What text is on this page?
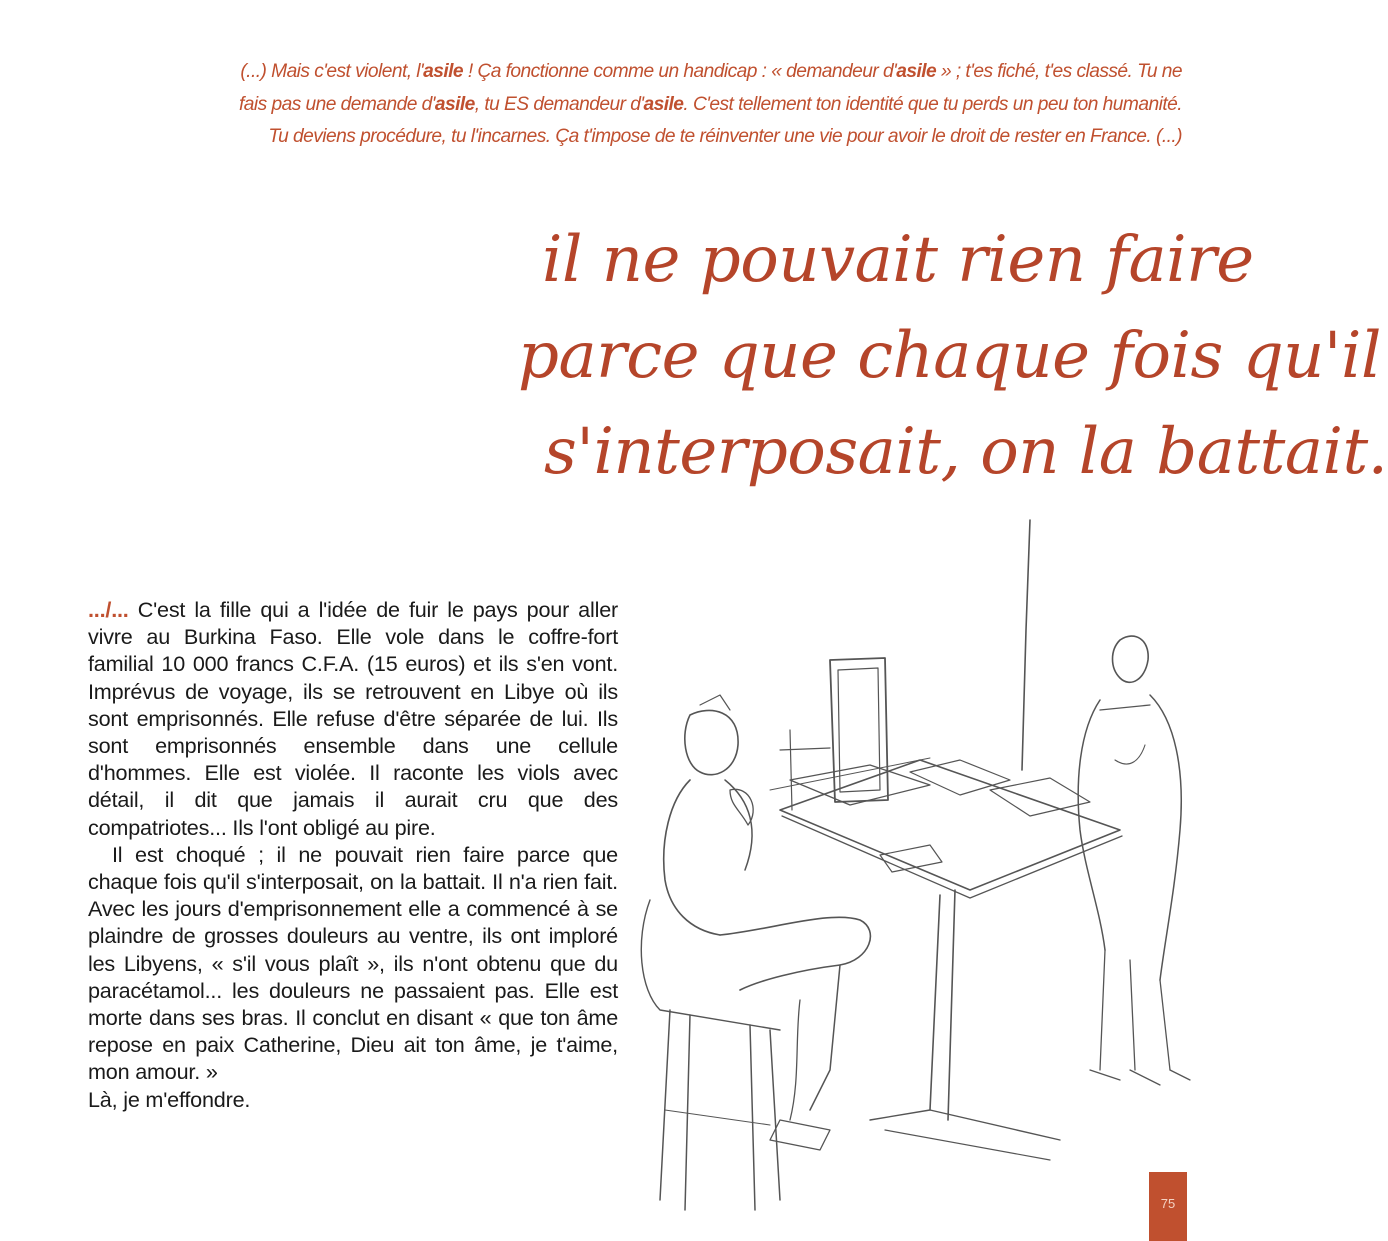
(...) Mais c'est violent, l'asile ! Ça fonctionne comme un handicap : « demandeur d'asile » ; t'es fiché, t'es classé. Tu ne

fais pas une demande d'asile, tu ES demandeur d'asile. C'est tellement ton identité que tu perds un peu ton humanité.

Tu deviens procédure, tu l'incarnes. Ça t'impose de te réinventer une vie pour avoir le droit de rester en France. (...)

il ne pouvait rien faire
parce que chaque fois qu'il
s'interposait, on la battait.

.../... C'est la fille qui a l'idée de fuir le pays pour aller vivre au Burkina Faso. Elle vole dans le coffre-fort familial 10 000 francs C.F.A. (15 euros) et ils s'en vont. Imprévus de voyage, ils se retrouvent en Libye où ils sont emprisonnés. Elle refuse d'être séparée de lui. Ils sont emprisonnés ensemble dans une cellule d'hommes. Elle est violée. Il raconte les viols avec détail, il dit que jamais il aurait cru que des compatriotes... Ils l'ont obligé au pire.

Il est choqué ; il ne pouvait rien faire parce que chaque fois qu'il s'interposait, on la battait. Il n'a rien fait. Avec les jours d'emprisonnement elle a commencé à se plaindre de grosses douleurs au ventre, ils ont imploré les Libyens, « s'il vous plaît », ils n'ont obtenu que du paracétamol... les douleurs ne passaient pas. Elle est morte dans ses bras. Il conclut en disant « que ton âme repose en paix Catherine, Dieu ait ton âme, je t'aime, mon amour. »

Là, je m'effondre.

75
